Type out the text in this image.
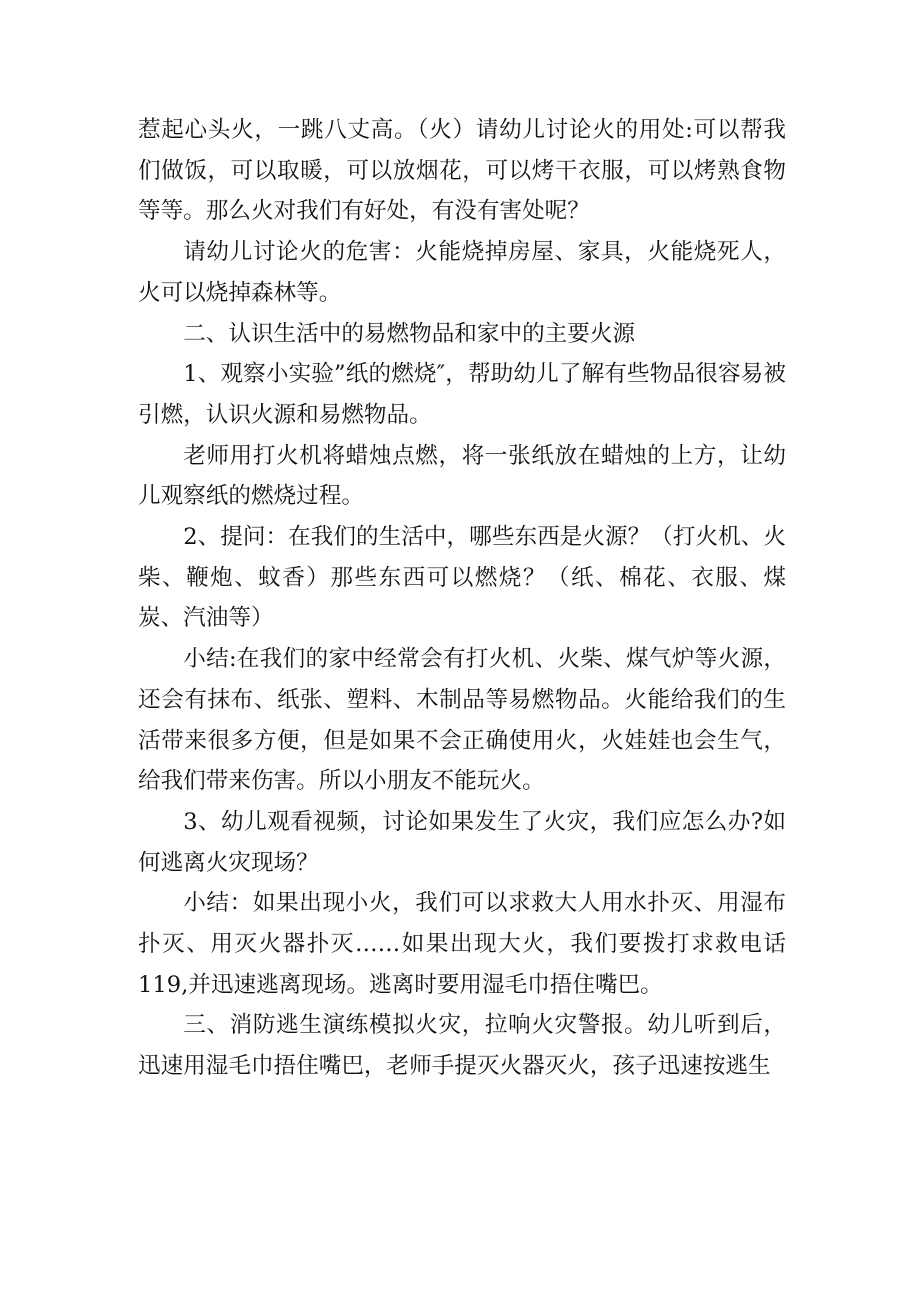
惹起心头火，一跳八丈高。（火）请幼儿讨论火的用处:可以帮我们做饭，可以取暖，可以放烟花，可以烤干衣服，可以烤熟食物等等。那么火对我们有好处，有没有害处呢？

请幼儿讨论火的危害：火能烧掉房屋、家具，火能烧死人，火可以烧掉森林等。

二、认识生活中的易燃物品和家中的主要火源

1、观察小实验”纸的燃烧″，帮助幼儿了解有些物品很容易被引燃，认识火源和易燃物品。

老师用打火机将蜡烛点燃，将一张纸放在蜡烛的上方，让幼儿观察纸的燃烧过程。

2、提问：在我们的生活中，哪些东西是火源？（打火机、火柴、鞭炮、蚊香）那些东西可以燃烧？（纸、棉花、衣服、煤炭、汽油等）

小结:在我们的家中经常会有打火机、火柴、煤气炉等火源，还会有抹布、纸张、塑料、木制品等易燃物品。火能给我们的生活带来很多方便，但是如果不会正确使用火，火娃娃也会生气，给我们带来伤害。所以小朋友不能玩火。

3、幼儿观看视频，讨论如果发生了火灾，我们应怎么办?如何逃离火灾现场？

小结：如果出现小火，我们可以求救大人用水扑灭、用湿布扑灭、用灭火器扑灭……如果出现大火，我们要拨打求救电话119,并迅速逃离现场。逃离时要用湿毛巾捂住嘴巴。

三、消防逃生演练模拟火灾，拉响火灾警报。幼儿听到后，迅速用湿毛巾捂住嘴巴，老师手提灭火器灭火，孩子迅速按逃生
